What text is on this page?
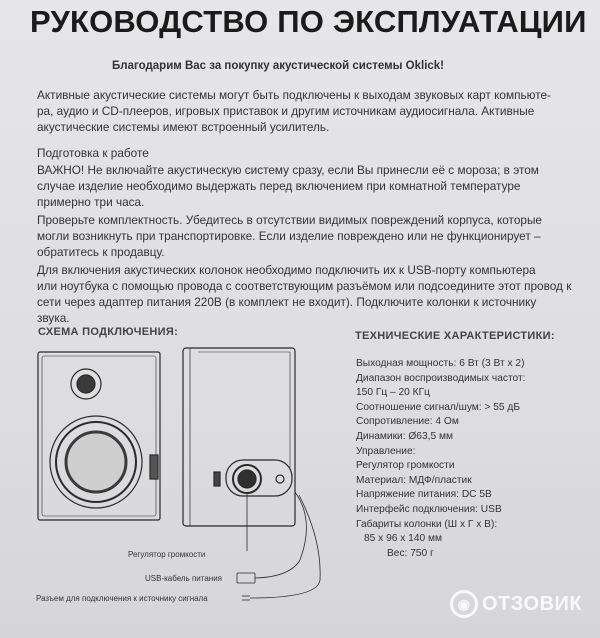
РУКОВОДСТВО ПО ЭКСПЛУАТАЦИИ
Благодарим Вас за покупку акустической системы Oklick!
Активные акустические системы могут быть подключены к выходам звуковых карт компьюте-
ра, аудио и CD-плееров, игровых приставок и другим источникам аудиосигнала. Активные
акустические системы имеют встроенный усилитель.
Подготовка к работе
ВАЖНО! Не включайте акустическую систему сразу, если Вы принесли её с мороза; в этом
случае изделие необходимо выдержать перед включением при комнатной температуре
примерно три часа.
Проверьте комплектность. Убедитесь в отсутствии видимых повреждений корпуса, которые
могли возникнуть при транспортировке. Если изделие повреждено или не функционирует –
обратитесь к продавцу.
Для включения акустических колонок необходимо подключить их к USB-порту компьютера
или ноутбука с помощью провода с соответствующим разъёмом или подсоедините этот провод к
сети через адаптер питания 220В (в комплект не входит). Подключите колонки к источнику
звука.
СХЕМА ПОДКЛЮЧЕНИЯ:	ТЕХНИЧЕСКИЕ ХАРАКТЕРИСТИКИ:
Выходная мощность: 6 Вт (3 Вт х 2)
Диапазон воспроизводимых частот:
150 Гц – 20 КГц
Соотношение сигнал/шум: > 55 дБ
Сопротивление: 4 Ом
Динамики: Ø63,5 мм
Управление:
Регулятор громкости
Материал: МДФ/пластик
Напряжение питания: DC 5В
Интерфейс подключения: USB
Габариты колонки (Ш х Г х В):
85 х 96 х 140 мм
Вес: 750 г
Регулятор громкости
USB-кабель питания
Разъем для подключения к источнику сигнала	◉ ОТЗОВИК
